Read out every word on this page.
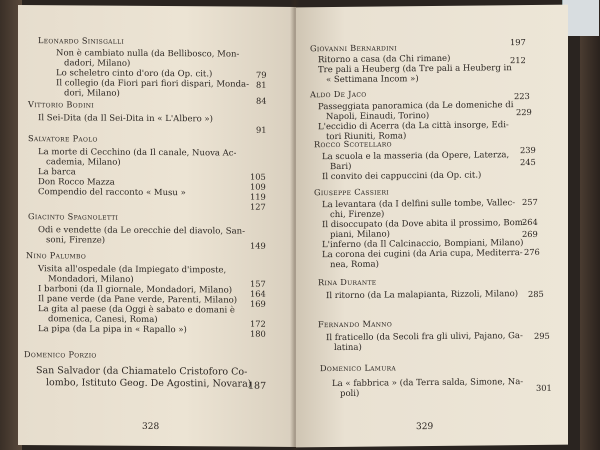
Leonardo Sinisgalli
Non è cambiato nulla (da Bellibosco, Mon-
dadori, Milano)
Lo scheletro cinto d'oro (da Op. cit.)
Il collegio (da Fiori pari fiori dispari, Monda-
dori, Milano)
79
81
84
Vittorio Bodini
Il Sei-Dita (da Il Sei-Dita in « L'Albero »)
91
Salvatore Paolo
La morte di Cecchino (da Il canale, Nuova Ac-
cademia, Milano)
La barca
Don Rocco Mazza
Compendio del racconto « Musu »
105
109
119
127
Giacinto Spagnoletti
Odi e vendette (da Le orecchie del diavolo, San-
soni, Firenze)
149
Nino Palumbo
Visita all'ospedale (da Impiegato d'imposte,
Mondadori, Milano)
I barboni (da Il giornale, Mondadori, Milano)
Il pane verde (da Pane verde, Parenti, Milano)
La gita al paese (da Oggi è sabato e domani è
domenica, Canesi, Roma)
La pipa (da La pipa in « Rapallo »)
157
164
169
172
180
Domenico Porzio
San Salvador (da Chiamatelo Cristoforo Co-
lombo, Istituto Geog. De Agostini, Novara)
187
328
Giovanni Bernardini
Ritorno a casa (da Chi rimane)
Tre pali a Heuberg (da Tre pali a Heuberg in
« Settimana Incom »)
197
212
Aldo De Jaco
Passeggiata panoramica (da Le domeniche di
Napoli, Einaudi, Torino)
L'eccidio di Acerra (da La città insorge, Edi-
tori Riuniti, Roma)
223
229
Rocco Scotellaro
La scuola e la masseria (da Opere, Laterza,
Bari)
Il convito dei cappuccini (da Op. cit.)
239
245
Giuseppe Cassieri
La levantara (da I delfini sulle tombe, Vallec-
chi, Firenze)
Il disoccupato (da Dove abita il prossimo, Bom-
piani, Milano)
L'inferno (da Il Calcinaccio, Bompiani, Milano)
La corona dei cugini (da Aria cupa, Mediterra-
nea, Roma)
257
264
269
276
Rina Durante
Il ritorno (da La malapianta, Rizzoli, Milano) 285
Fernando Manno
Il fraticello (da Secoli fra gli ulivi, Pajano, Ga-
latina)
295
Domenico Lamura
La « fabbrica » (da Terra salda, Simone, Na-
poli)
301
329
